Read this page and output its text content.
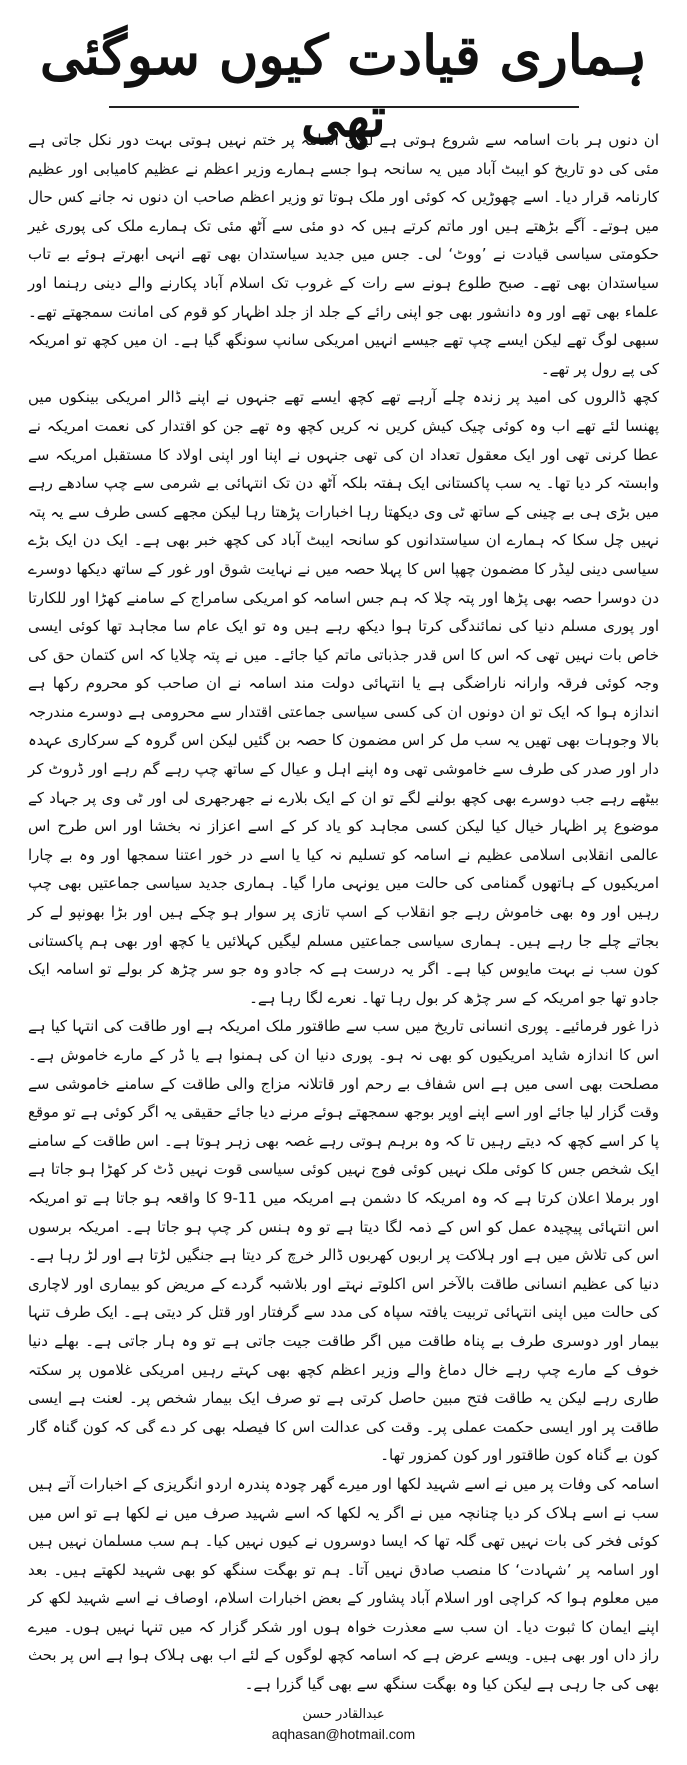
ہماری قیادت کیوں سوگئی تھی

ان دنوں ہر بات اسامہ سے شروع ہوتی ہے لیکن اسامہ پر ختم نہیں ہوتی بہت دور نکل جاتی ہے مئی کی دو تاریخ کو ایبٹ آباد میں یہ سانحہ ہوا جسے ہمارے وزیر اعظم نے عظیم کامیابی اور عظیم کارنامہ قرار دیا۔ اسے چھوڑیں کہ کوئی اور ملک ہوتا تو وزیر اعظم صاحب ان دنوں نہ جانے کس حال میں ہوتے۔ آگے بڑھتے ہیں اور ماتم کرتے ہیں کہ دو مئی سے آٹھ مئی تک ہمارے ملک کی پوری غیر حکومتی سیاسی قیادت نے ’ووٹ‘ لی۔ جس میں جدید سیاستدان بھی تھے انہی ابھرتے ہوئے بے تاب سیاستدان بھی تھے۔ صبح طلوع ہونے سے رات کے غروب تک اسلام آباد پکارنے والے دینی رہنما اور علماء بھی تھے اور وہ دانشور بھی جو اپنی رائے کے جلد از جلد اظہار کو قوم کی امانت سمجھتے تھے۔ سبھی لوگ تھے لیکن ایسے چپ تھے جیسے انہیں امریکی سانپ سونگھ گیا ہے۔ ان میں کچھ تو امریکہ کی پے رول پر تھے۔

کچھ ڈالروں کی امید پر زندہ چلے آرہے تھے کچھ ایسے تھے جنہوں نے اپنے ڈالر امریکی بینکوں میں پھنسا لئے تھے اب وہ کوئی چیک کیش کریں نہ کریں کچھ وہ تھے جن کو اقتدار کی نعمت امریکہ نے عطا کرنی تھی اور ایک معقول تعداد ان کی تھی جنہوں نے اپنا اور اپنی اولاد کا مستقبل امریکہ سے وابستہ کر دیا تھا۔ یہ سب پاکستانی ایک ہفتہ بلکہ آٹھ دن تک انتہائی بے شرمی سے چپ سادھے رہے میں بڑی ہی بے چینی کے ساتھ ٹی وی دیکھتا رہا اخبارات پڑھتا رہا لیکن مجھے کسی طرف سے یہ پتہ نہیں چل سکا کہ ہمارے ان سیاستدانوں کو سانحہ ایبٹ آباد کی کچھ خبر بھی ہے۔ ایک دن ایک بڑے سیاسی دینی لیڈر کا مضمون چھپا اس کا پہلا حصہ میں نے نہایت شوق اور غور کے ساتھ دیکھا دوسرے دن دوسرا حصہ بھی پڑھا اور پتہ چلا کہ ہم جس اسامہ کو امریکی سامراج کے سامنے کھڑا اور للکارتا اور پوری مسلم دنیا کی نمائندگی کرتا ہوا دیکھ رہے ہیں وہ تو ایک عام سا مجاہد تھا کوئی ایسی خاص بات نہیں تھی کہ اس کا اس قدر جذباتی ماتم کیا جائے۔ میں نے پتہ چلایا کہ اس کتمان حق کی وجہ کوئی فرقہ وارانہ ناراضگی ہے یا انتہائی دولت مند اسامہ نے ان صاحب کو محروم رکھا ہے اندازہ ہوا کہ ایک تو ان دونوں ان کی کسی سیاسی جماعتی اقتدار سے محرومی ہے دوسرے مندرجہ بالا وجوہات بھی تھیں یہ سب مل کر اس مضمون کا حصہ بن گئیں لیکن اس گروہ کے سرکاری عہدہ دار اور صدر کی طرف سے خاموشی تھی وہ اپنے اہل و عیال کے ساتھ چپ رہے گم رہے اور ڈروٹ کر بیٹھے رہے جب دوسرے بھی کچھ بولنے لگے تو ان کے ایک بلارے نے جھرجھری لی اور ٹی وی پر جہاد کے موضوع پر اظہار خیال کیا لیکن کسی مجاہد کو یاد کر کے اسے اعزاز نہ بخشا اور اس طرح اس عالمی انقلابی اسلامی عظیم نے اسامہ کو تسلیم نہ کیا یا اسے در خور اعتنا سمجھا اور وہ بے چارا امریکیوں کے ہاتھوں گمنامی کی حالت میں یونہی مارا گیا۔ ہماری جدید سیاسی جماعتیں بھی چپ رہیں اور وہ بھی خاموش رہے جو انقلاب کے اسپ تازی پر سوار ہو چکے ہیں اور بڑا بھونپو لے کر بجاتے چلے جا رہے ہیں۔ ہماری سیاسی جماعتیں مسلم لیگیں کہلائیں یا کچھ اور بھی ہم پاکستانی کون سب نے بہت مایوس کیا ہے۔ اگر یہ درست ہے کہ جادو وہ جو سر چڑھ کر بولے تو اسامہ ایک جادو تھا جو امریکہ کے سر چڑھ کر بول رہا تھا۔ نعرے لگا رہا ہے۔

ذرا غور فرمائیے۔ پوری انسانی تاریخ میں سب سے طاقتور ملک امریکہ ہے اور طاقت کی انتہا کیا ہے اس کا اندازہ شاید امریکیوں کو بھی نہ ہو۔ پوری دنیا ان کی ہمنوا ہے یا ڈر کے مارے خاموش ہے۔ مصلحت بھی اسی میں ہے اس شفاف بے رحم اور قاتلانہ مزاج والی طاقت کے سامنے خاموشی سے وقت گزار لیا جائے اور اسے اپنے اوپر بوجھ سمجھتے ہوئے مرنے دیا جائے حقیقی یہ اگر کوئی ہے تو موقع پا کر اسے کچھ کہ دیتے رہیں تا کہ وہ برہم ہوتی رہے غصہ بھی زہر ہوتا ہے۔ اس طاقت کے سامنے ایک شخص جس کا کوئی ملک نہیں کوئی فوج نہیں کوئی سیاسی قوت نہیں ڈٹ کر کھڑا ہو جاتا ہے اور برملا اعلان کرتا ہے کہ وہ امریکہ کا دشمن ہے امریکہ میں 11-9 کا واقعہ ہو جاتا ہے تو امریکہ اس انتہائی پیچیدہ عمل کو اس کے ذمہ لگا دیتا ہے تو وہ ہنس کر چپ ہو جاتا ہے۔ امریکہ برسوں اس کی تلاش میں ہے اور ہلاکت پر اربوں کھربوں ڈالر خرچ کر دیتا ہے جنگیں لڑتا ہے اور لڑ رہا ہے۔ دنیا کی عظیم انسانی طاقت بالآخر اس اکلوتے نہتے اور بلاشبہ گردے کے مریض کو بیماری اور لاچاری کی حالت میں اپنی انتہائی تربیت یافتہ سپاہ کی مدد سے گرفتار اور قتل کر دیتی ہے۔ ایک طرف تنہا بیمار اور دوسری طرف بے پناہ طاقت میں اگر طاقت جیت جاتی ہے تو وہ ہار جاتی ہے۔ بھلے دنیا خوف کے مارے چپ رہے خال دماغ والے وزیر اعظم کچھ بھی کہتے رہیں امریکی غلاموں پر سکتہ طاری رہے لیکن یہ طاقت فتح مبین حاصل کرتی ہے تو صرف ایک بیمار شخص پر۔ لعنت ہے ایسی طاقت پر اور ایسی حکمت عملی پر۔ وقت کی عدالت اس کا فیصلہ بھی کر دے گی کہ کون گناہ گار کون بے گناہ کون طاقتور اور کون کمزور تھا۔

اسامہ کی وفات پر میں نے اسے شہید لکھا اور میرے گھر چودہ پندرہ اردو انگریزی کے اخبارات آتے ہیں سب نے اسے ہلاک کر دیا چنانچہ میں نے اگر یہ لکھا کہ اسے شہید صرف میں نے لکھا ہے تو اس میں کوئی فخر کی بات نہیں تھی گلہ تھا کہ ایسا دوسروں نے کیوں نہیں کیا۔ ہم سب مسلمان نہیں ہیں اور اسامہ پر ’شہادت‘ کا منصب صادق نہیں آتا۔ ہم تو بھگت سنگھ کو بھی شہید لکھتے ہیں۔ بعد میں معلوم ہوا کہ کراچی اور اسلام آباد پشاور کے بعض اخبارات اسلام، اوصاف نے اسے شہید لکھ کر اپنے ایمان کا ثبوت دیا۔ ان سب سے معذرت خواہ ہوں اور شکر گزار کہ میں تنہا نہیں ہوں۔ میرے راز داں اور بھی ہیں۔ ویسے عرض ہے کہ اسامہ کچھ لوگوں کے لئے اب بھی ہلاک ہوا ہے اس پر بحث بھی کی جا رہی ہے لیکن کیا وہ بھگت سنگھ سے بھی گیا گزرا ہے۔

عبدالقادر حسن
aqhasan@hotmail.com
